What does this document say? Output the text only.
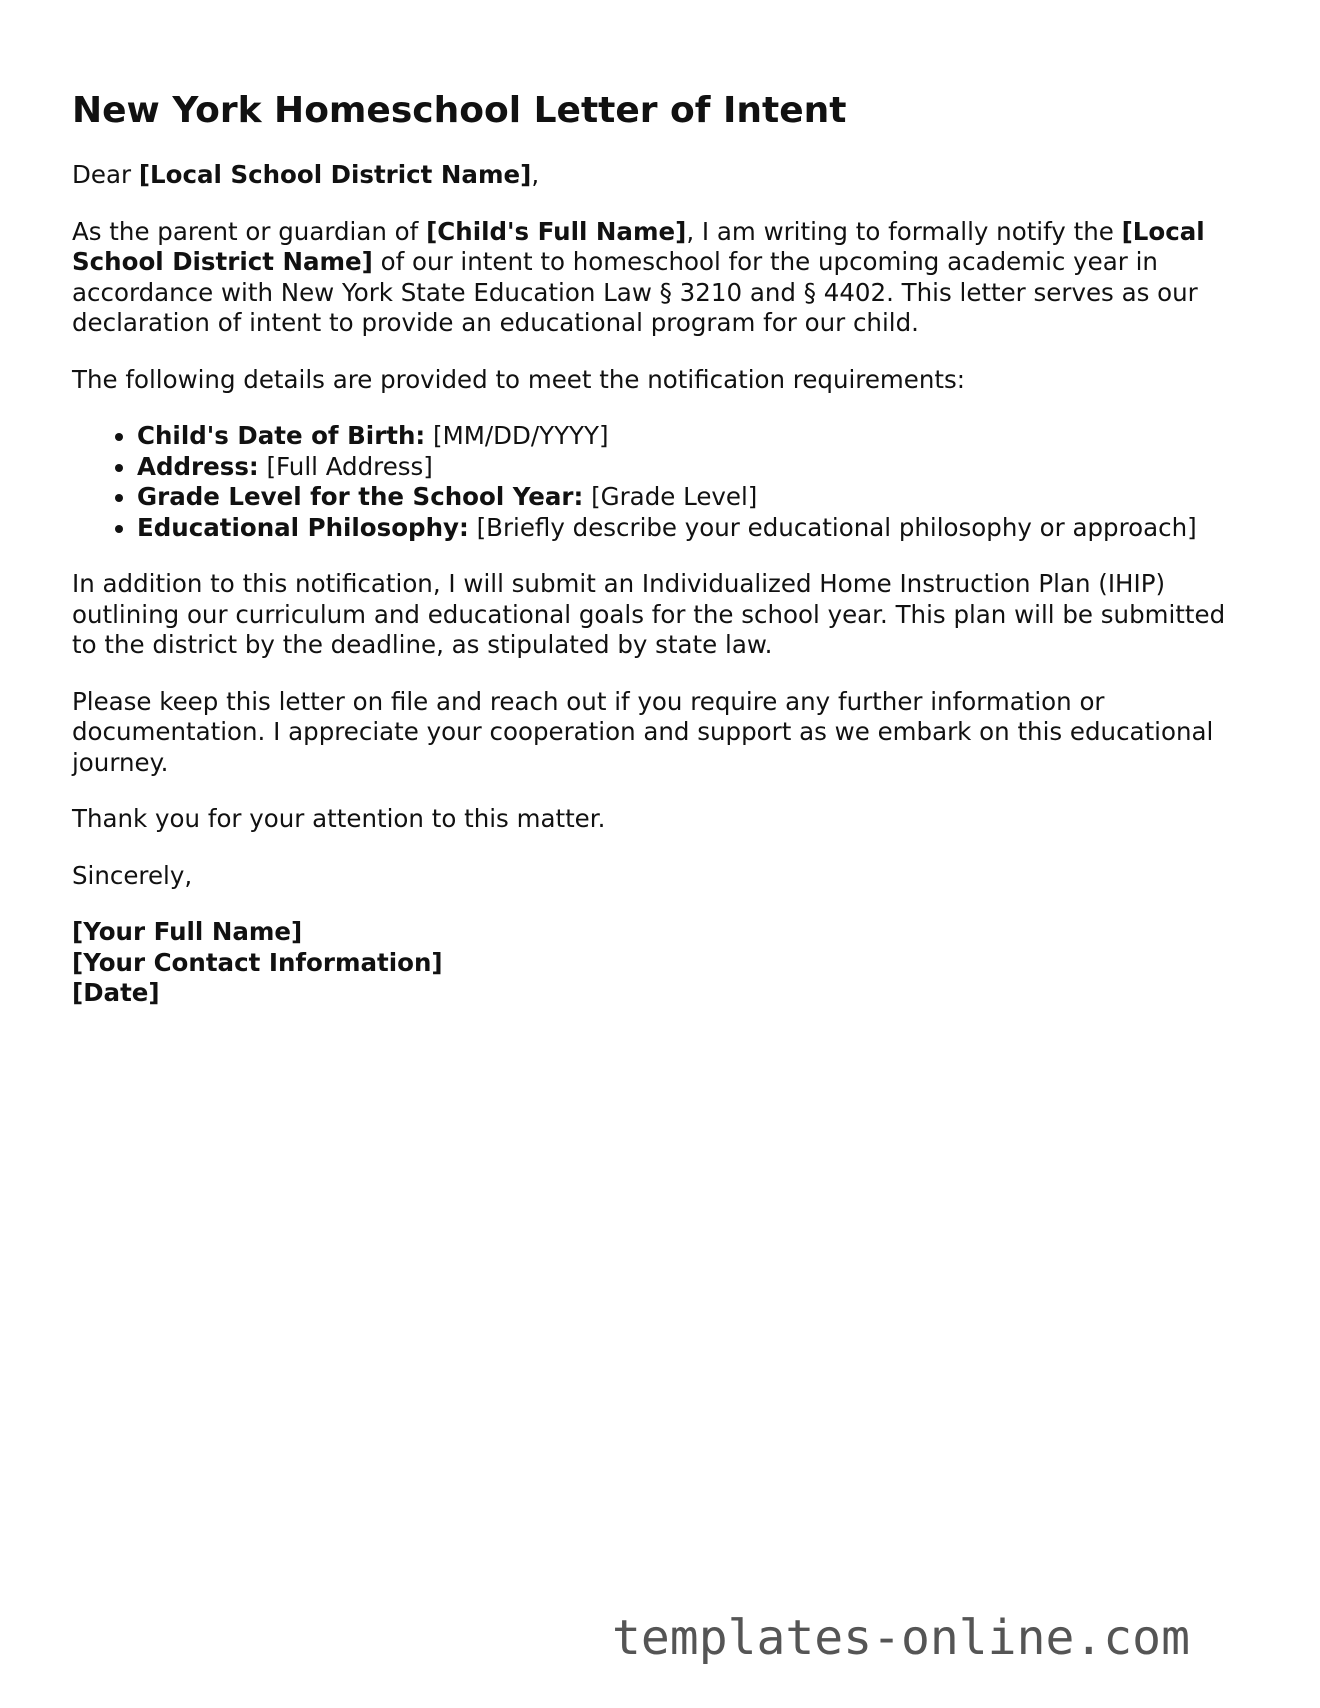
New York Homeschool Letter of Intent

Dear [Local School District Name],

As the parent or guardian of [Child's Full Name], I am writing to formally notify the [Local School District Name] of our intent to homeschool for the upcoming academic year in accordance with New York State Education Law § 3210 and § 4402. This letter serves as our declaration of intent to provide an educational program for our child.

The following details are provided to meet the notification requirements:

• Child's Date of Birth: [MM/DD/YYYY]
• Address: [Full Address]
• Grade Level for the School Year: [Grade Level]
• Educational Philosophy: [Briefly describe your educational philosophy or approach]

In addition to this notification, I will submit an Individualized Home Instruction Plan (IHIP) outlining our curriculum and educational goals for the school year. This plan will be submitted to the district by the deadline, as stipulated by state law.

Please keep this letter on file and reach out if you require any further information or documentation. I appreciate your cooperation and support as we embark on this educational journey.

Thank you for your attention to this matter.

Sincerely,

[Your Full Name]
[Your Contact Information]
[Date]
templates-online.com
